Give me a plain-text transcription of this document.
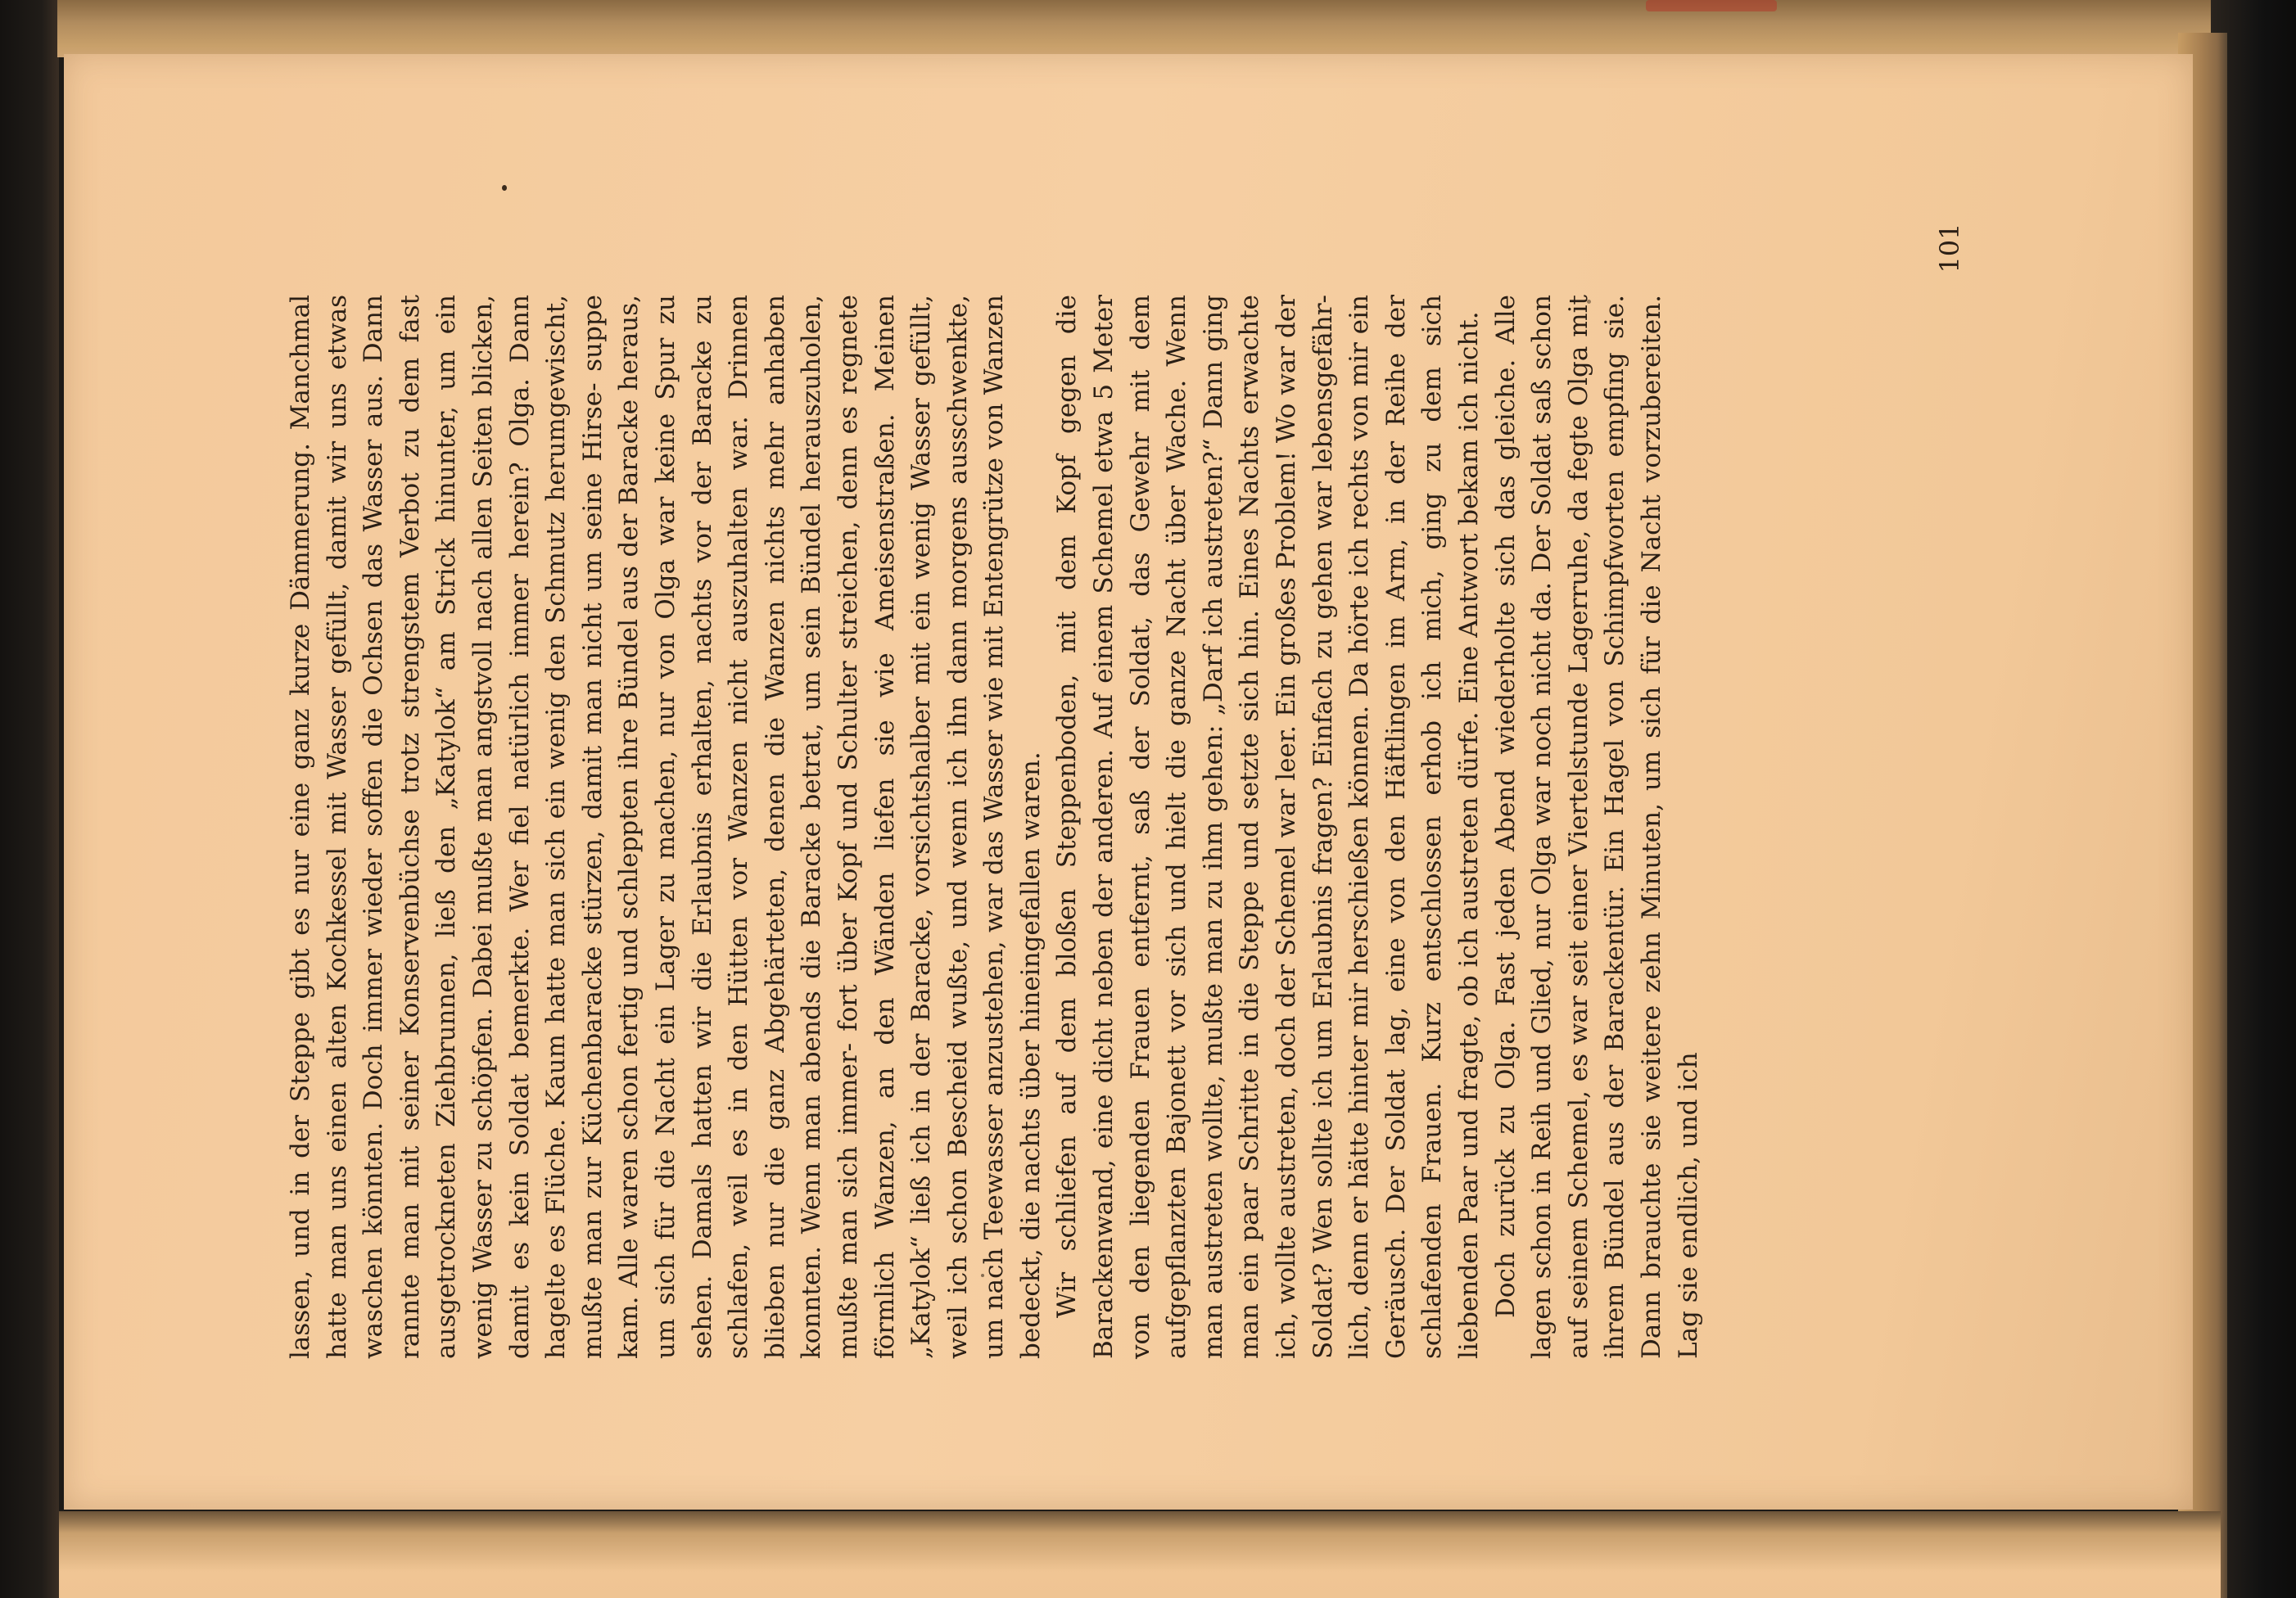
101

lassen, und in der Steppe gibt es nur eine ganz kurze Dämmerung. Manchmal hatte man uns einen alten Kochkessel mit Wasser gefüllt, damit wir uns etwas waschen könnten. Doch immer wieder soffen die Ochsen das Wasser aus. Dann rannte man mit seiner Konservenbüchse trotz strengstem Verbot zu dem fast ausgetrockneten Ziehbrunnen, ließ den „Katylok“ am Strick hinunter, um ein wenig Wasser zu schöpfen. Dabei mußte man angstvoll nach allen Seiten blicken, damit es kein Soldat bemerkte. Wer fiel natürlich immer herein? Olga. Dann hagelte es Flüche. Kaum hatte man sich ein wenig den Schmutz herumgewischt, mußte man zur Küchenbaracke stürzen, damit man nicht um seine Hirse- suppe kam. Alle waren schon fertig und schleppten ihre Bündel aus der Baracke heraus, um sich für die Nacht ein Lager zu machen, nur von Olga war keine Spur zu sehen. Damals hatten wir die Erlaubnis erhalten, nachts vor der Baracke zu schlafen, weil es in den Hütten vor Wanzen nicht auszuhalten war. Drinnen blieben nur die ganz Abgehärteten, denen die Wanzen nichts mehr anhaben konnten. Wenn man abends die Baracke betrat, um sein Bündel herauszuholen, mußte man sich immer- fort über Kopf und Schulter streichen, denn es regnete förmlich Wanzen, an den Wänden liefen sie wie Ameisenstraßen. Meinen „Katylok“ ließ ich in der Baracke, vorsichtshalber mit ein wenig Wasser gefüllt, weil ich schon Bescheid wußte, und wenn ich ihn dann morgens ausschwenkte, um nach Teewasser anzustehen, war das Wasser wie mit Entengrütze von Wanzen bedeckt, die nachts über hineingefallen waren. Wir schliefen auf dem bloßen Steppenboden, mit dem Kopf gegen die Barackenwand, eine dicht neben der anderen. Auf einem Schemel etwa 5 Meter von den liegenden Frauen entfernt, saß der Soldat, das Gewehr mit dem aufgepflanzten Bajonett vor sich und hielt die ganze Nacht über Wache. Wenn man austreten wollte, mußte man zu ihm gehen: „Darf ich austreten?“ Dann ging man ein paar Schritte in die Steppe und setzte sich hin. Eines Nachts erwachte ich, wollte austreten, doch der Schemel war leer. Ein großes Problem! Wo war der Soldat? Wen sollte ich um Erlaubnis fragen? Einfach zu gehen war lebensgefähr- lich, denn er hätte hinter mir herschießen können. Da hörte ich rechts von mir ein Geräusch. Der Soldat lag, eine von den Häftlingen im Arm, in der Reihe der schlafenden Frauen. Kurz entschlossen erhob ich mich, ging zu dem sich liebenden Paar und fragte, ob ich austreten dürfe. Eine Antwort bekam ich nicht. Doch zurück zu Olga. Fast jeden Abend wiederholte sich das gleiche. Alle lagen schon in Reih und Glied, nur Olga war noch nicht da. Der Soldat saß schon auf seinem Schemel, es war seit einer Viertelstunde Lagerruhe, da fegte Olga mit ihrem Bündel aus der Barackentür. Ein Hagel von Schimpfworten empfing sie. Dann brauchte sie weitere zehn Minuten, um sich für die Nacht vorzubereiten. Lag sie endlich, und ich
